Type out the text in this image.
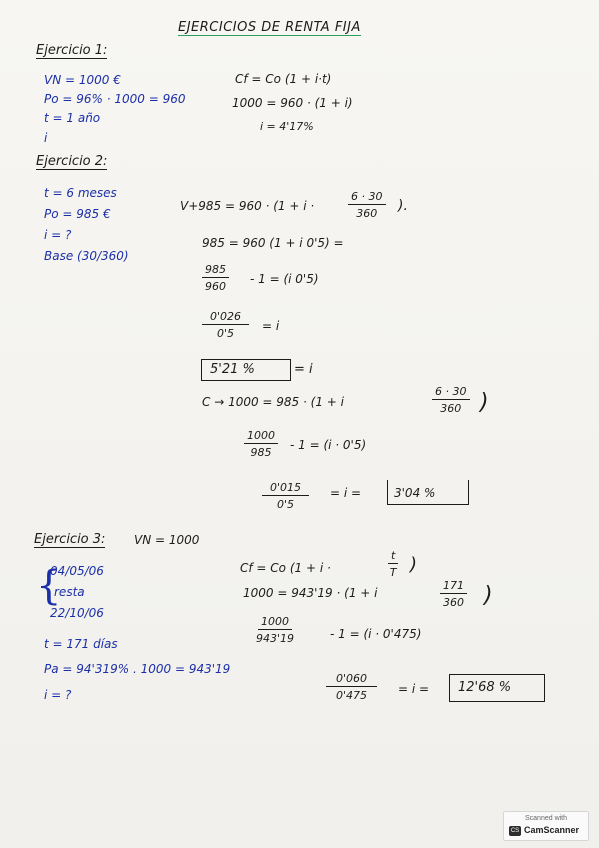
EJERCICIOS DE RENTA FIJA
Ejercicio 1:
VN = 1000 €
Po = 96% · 1000 = 960
t = 1 año
i
Cf = Co (1 + i·t)
1000 = 960 · (1 + i)
i = 4'17%
Ejercicio 2:
t = 6 meses
Po = 985 €
i = ?
Base (30/360)
V+985 = 960 · (1 + i ·	$\frac{6 \cdot 30}{360}$ ).
985 = 960 (1 + i 0'5) =
$\frac{985}{960} - 1 = (i$ 0'5)
$\frac{0'026}{0'5} = i$
5'21 %	= i
C → 1000 = 985 · (1 + i	$\frac{6 \cdot 30}{360}$ )
$\frac{1000}{985} - 1 = (i \cdot 0'5)$
$\frac{0'015}{0'5} = i$ =	3'04 %
Ejercicio 3: VN = 1000
{
04/05/06
resta
22/10/06
t = 171 días
Pa = 94'319% . 1000 = 943'19
i = ?
Cf = Co (1 + i ·	$\frac{t}{T}$ )
1000 = 943'19 · (1 + i	$\frac{171}{360}$ )
$\frac{1000}{943'19}$	- 1 = (i · 0'475)
$\frac{0'060}{0'475} = i = 12'68$ %
Scanned with
CS CamScanner
